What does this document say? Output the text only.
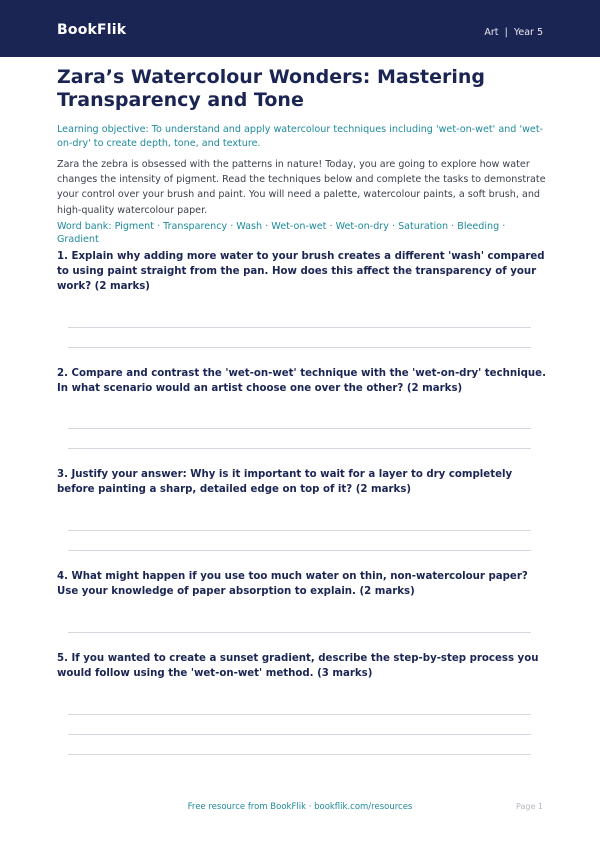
BookFlik	Art  |  Year 5
Zara’s Watercolour Wonders: Mastering Transparency and Tone

Learning objective: To understand and apply watercolour techniques including 'wet-on-wet' and 'wet-on-dry' to create depth, tone, and texture.

Zara the zebra is obsessed with the patterns in nature! Today, you are going to explore how water changes the intensity of pigment. Read the techniques below and complete the tasks to demonstrate your control over your brush and paint. You will need a palette, watercolour paints, a soft brush, and high-quality watercolour paper.

Word bank: Pigment · Transparency · Wash · Wet-on-wet · Wet-on-dry · Saturation · Bleeding · Gradient

1. Explain why adding more water to your brush creates a different 'wash' compared to using paint straight from the pan. How does this affect the transparency of your work? (2 marks)

2. Compare and contrast the 'wet-on-wet' technique with the 'wet-on-dry' technique. In what scenario would an artist choose one over the other? (2 marks)

3. Justify your answer: Why is it important to wait for a layer to dry completely before painting a sharp, detailed edge on top of it? (2 marks)

4. What might happen if you use too much water on thin, non-watercolour paper? Use your knowledge of paper absorption to explain. (2 marks)

5. If you wanted to create a sunset gradient, describe the step-by-step process you would follow using the 'wet-on-wet' method. (3 marks)

Free resource from BookFlik · bookflik.com/resources	Page 1
